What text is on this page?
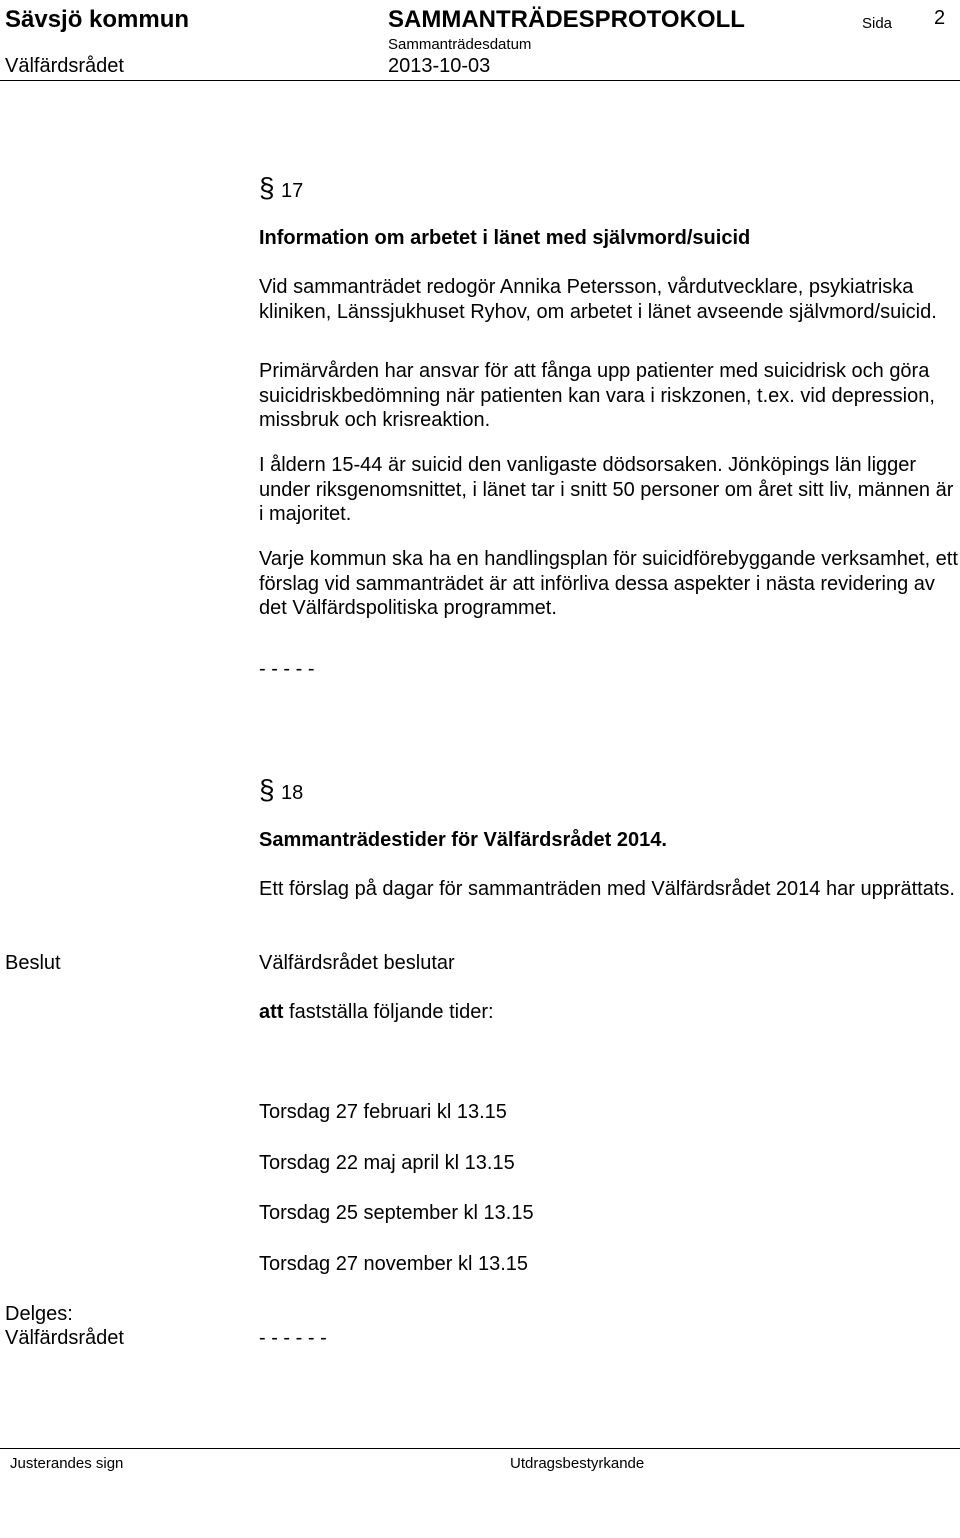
Sävsjö kommun	SAMMANTRÄDESPROTOKOLL	Sida 2
Sammanträdesdatum
Välfärdsrådet	2013-10-03
§ 17
Information om arbetet i länet med självmord/suicid

Vid sammanträdet redogör Annika Petersson, vårdutvecklare, psykiatriska kliniken, Länssjukhuset Ryhov, om arbetet i länet avseende självmord/suicid.

Primärvården har ansvar för att fånga upp patienter med suicidrisk och göra suicidriskbedömning när patienten kan vara i riskzonen, t.ex. vid depression, missbruk och krisreaktion.

I åldern 15-44 är suicid den vanligaste dödsorsaken. Jönköpings län ligger under riksgenomsnittet, i länet tar i snitt 50 personer om året sitt liv, männen är i majoritet.

Varje kommun ska ha en handlingsplan för suicidförebyggande verksamhet, ett förslag vid sammanträdet är att införliva dessa aspekter i nästa revidering av det Välfärdspolitiska programmet.

- - - - -
§ 18
Sammanträdestider för Välfärdsrådet 2014.

Ett förslag på dagar för sammanträden med Välfärdsrådet 2014 har upprättats.

Beslut	Välfärdsrådet beslutar
att fastställa följande tider:
Torsdag 27 februari kl 13.15
Torsdag 22 maj april kl 13.15
Torsdag 25 september kl 13.15
Torsdag 27 november kl 13.15
Delges:
Välfärdsrådet	- - - - - -
Justerandes sign	Utdragsbestyrkande
